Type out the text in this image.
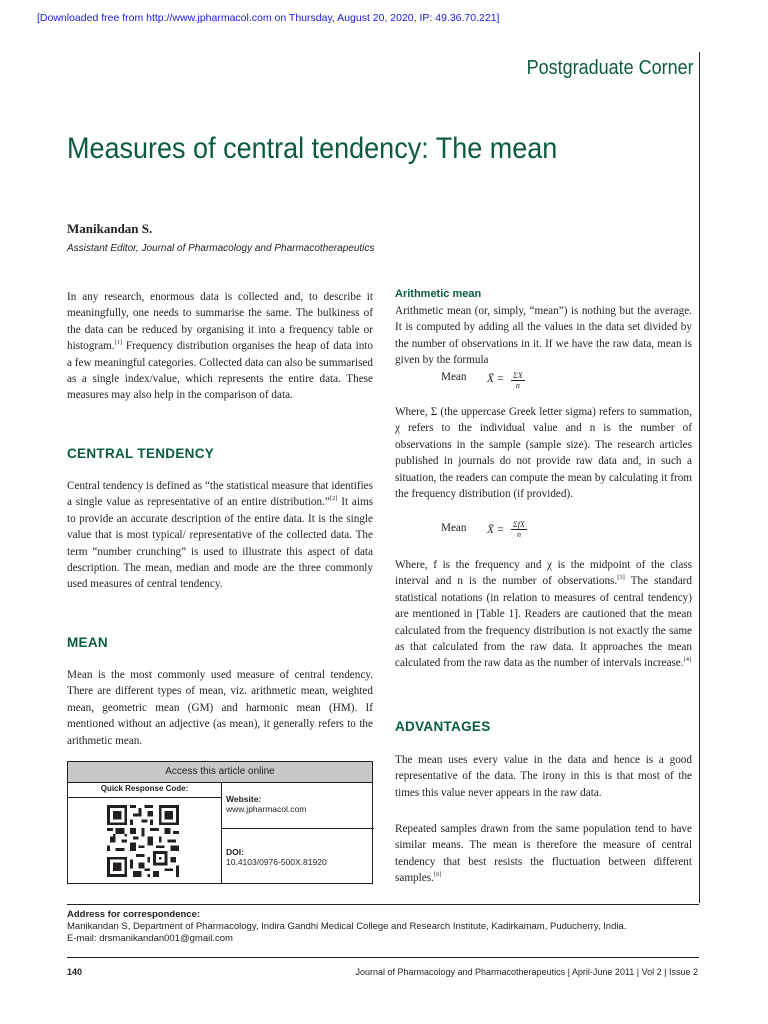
[Downloaded free from http://www.jpharmacol.com on Thursday, August 20, 2020, IP: 49.36.70.221]
Postgraduate Corner
Measures of central tendency: The mean
Manikandan S.
Assistant Editor, Journal of Pharmacology and Pharmacotherapeutics

In any research, enormous data is collected and, to describe it meaningfully, one needs to summarise the same. The bulkiness of the data can be reduced by organising it into a frequency table or histogram.[1] Frequency distribution organises the heap of data into a few meaningful categories. Collected data can also be summarised as a single index/value, which represents the entire data. These measures may also help in the comparison of data.

CENTRAL TENDENCY

Central tendency is defined as “the statistical measure that identifies a single value as representative of an entire distribution.”[2] It aims to provide an accurate description of the entire data. It is the single value that is most typical/ representative of the collected data. The term “number crunching” is used to illustrate this aspect of data description. The mean, median and mode are the three commonly used measures of central tendency.

MEAN

Mean is the most commonly used measure of central tendency. There are different types of mean, viz. arithmetic mean, weighted mean, geometric mean (GM) and harmonic mean (HM). If mentioned without an adjective (as mean), it generally refers to the arithmetic mean.

Access this article online
Quick Response Code:
Website:
www.jpharmacol.com
DOI:
10.4103/0976-500X.81920
Arithmetic mean

Arithmetic mean (or, simply, “mean”) is nothing but the average. It is computed by adding all the values in the data set divided by the number of observations in it. If we have the raw data, mean is given by the formula

Mean X̄ = $\frac{\Sigma X}{n}$

Where, Σ (the uppercase Greek letter sigma) refers to summation, χ refers to the individual value and n is the number of observations in the sample (sample size). The research articles published in journals do not provide raw data and, in such a situation, the readers can compute the mean by calculating it from the frequency distribution (if provided).

Mean X̄ = ΣfX
n

Where, f is the frequency and χ is the midpoint of the class interval and n is the number of observations.[3] The standard statistical notations (in relation to measures of central tendency) are mentioned in [Table 1]. Readers are cautioned that the mean calculated from the frequency distribution is not exactly the same as that calculated from the raw data. It approaches the mean calculated from the raw data as the number of intervals increase.[4]

ADVANTAGES

The mean uses every value in the data and hence is a good representative of the data. The irony in this is that most of the times this value never appears in the raw data.

Repeated samples drawn from the same population tend to have similar means. The mean is therefore the measure of central tendency that best resists the fluctuation between different samples.[6]

Address for correspondence:
Manikandan S, Department of Pharmacology, Indira Gandhi Medical College and Research Institute, Kadirkamam, Puducherry, India.
E-mail: drsmanikandan001@gmail.com
140	Journal of Pharmacology and Pharmacotherapeutics | April-June 2011 | Vol 2 | Issue 2
